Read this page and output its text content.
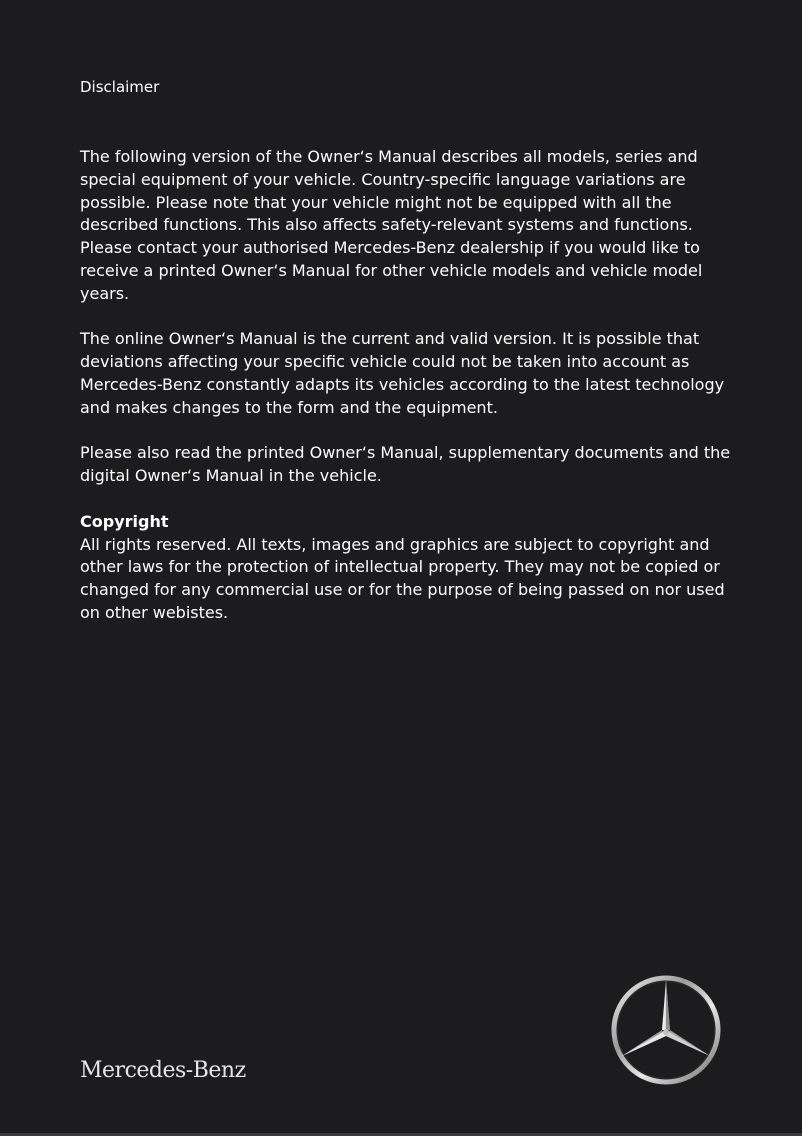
Disclaimer

The following version of the Owner‘s Manual describes all models, series and special equipment of your vehicle. Country-specific language variations are possible. Please note that your vehicle might not be equipped with all the described functions. This also affects safety-relevant systems and functions. Please contact your authorised Mercedes-Benz dealership if you would like to receive a printed Owner‘s Manual for other vehicle models and vehicle model years.

The online Owner‘s Manual is the current and valid version. It is possible that deviations affecting your specific vehicle could not be taken into account as Mercedes-Benz constantly adapts its vehicles according to the latest technology and makes changes to the form and the equipment.

Please also read the printed Owner‘s Manual, supplementary documents and the digital Owner‘s Manual in the vehicle.

Copyright

All rights reserved. All texts, images and graphics are subject to copyright and other laws for the protection of intellectual property. They may not be copied or changed for any commercial use or for the purpose of being passed on nor used on other webistes.

Mercedes-Benz
